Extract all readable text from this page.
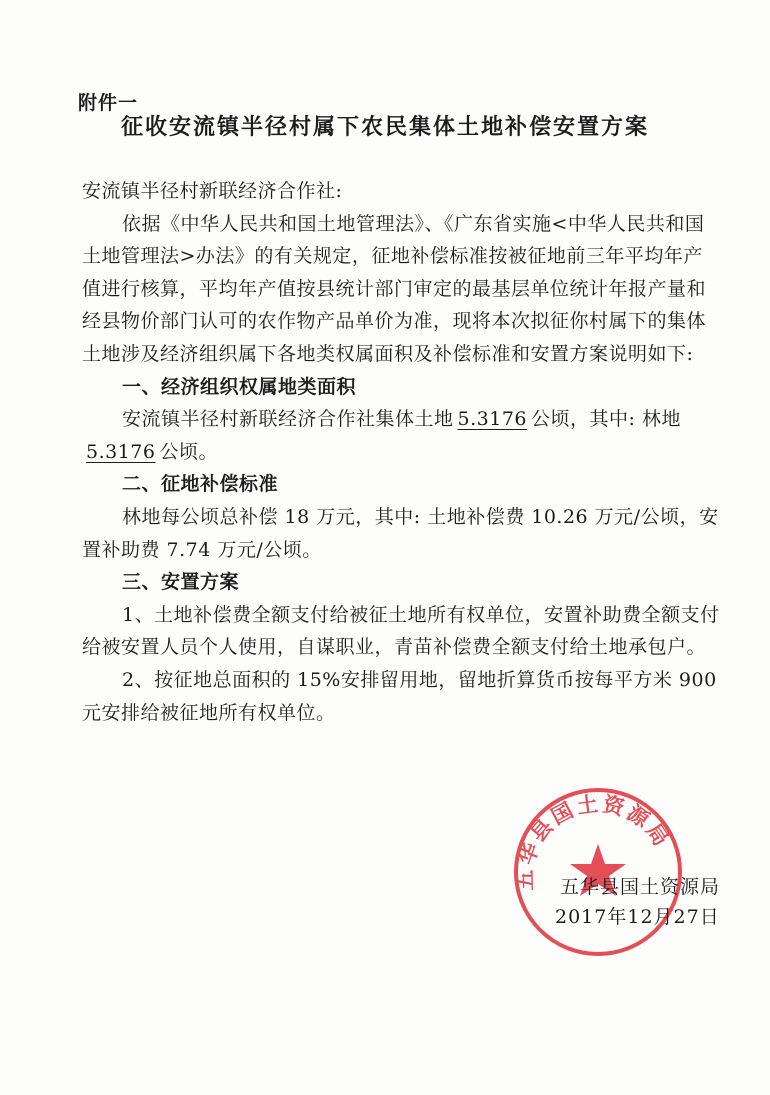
附件一
征收安流镇半径村属下农民集体土地补偿安置方案

安流镇半径村新联经济合作社:

依据《中华人民共和国土地管理法》、《广东省实施<中华人民共和国土地管理法>办法》的有关规定，征地补偿标准按被征地前三年平均年产值进行核算，平均年产值按县统计部门审定的最基层单位统计年报产量和经县物价部门认可的农作物产品单价为准，现将本次拟征你村属下的集体土地涉及经济组织属下各地类权属面积及补偿标准和安置方案说明如下:

一、经济组织权属地类面积

安流镇半径村新联经济合作社集体土地 5.3176 公顷，其中: 林地5.3176 公顷。

二、征地补偿标准

林地每公顷总补偿 18 万元，其中: 土地补偿费 10.26 万元/公顷，安置补助费 7.74 万元/公顷。

三、安置方案

1、土地补偿费全额支付给被征土地所有权单位，安置补助费全额支付给被安置人员个人使用，自谋职业，青苗补偿费全额支付给土地承包户。

2、按征地总面积的 15%安排留用地，留地折算货币按每平方米 900 元安排给被征地所有权单位。

五华县国土资源局
五华县国土资源局
2017年12月27日
